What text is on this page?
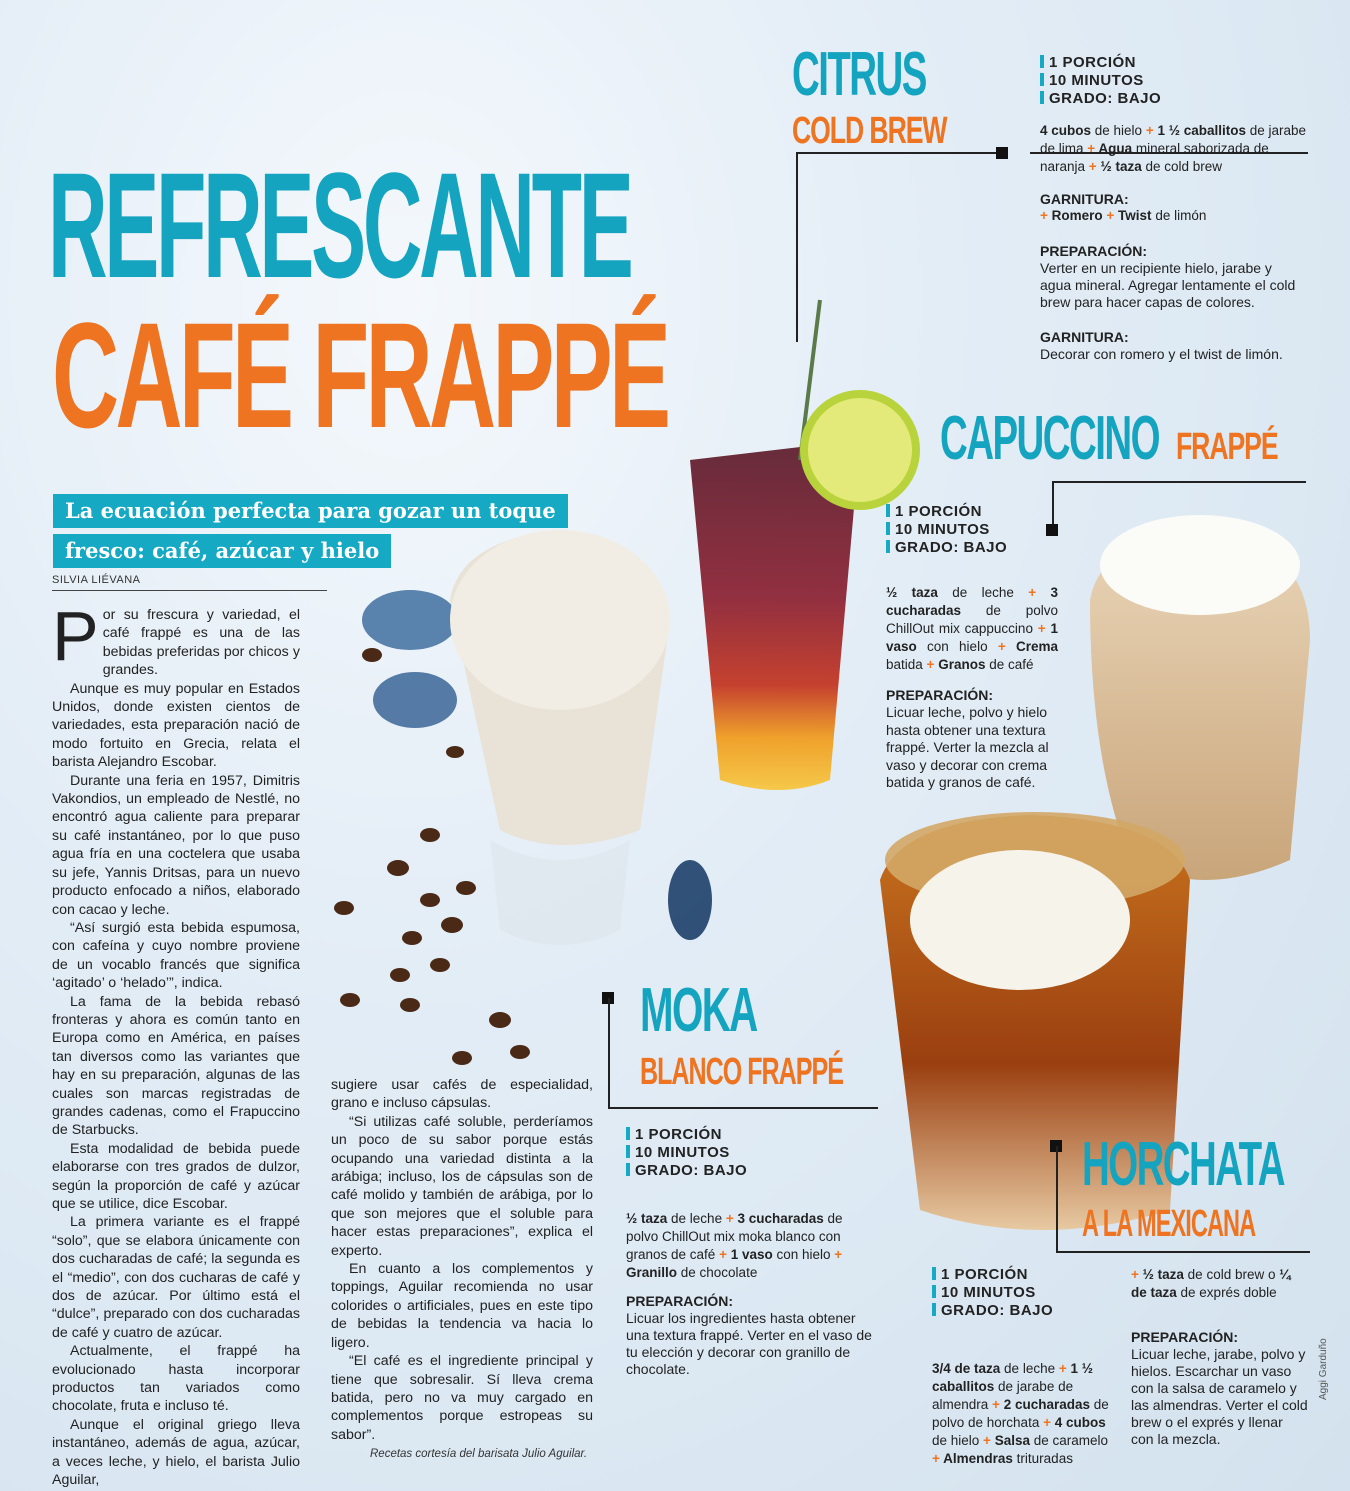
REFRESCANTE
CAFÉ FRAPPÉ
La ecuación perfecta para gozar un toque
fresco: café, azúcar y hielo
SILVIA LIÉVANA

Por su frescura y variedad, el café frappé es una de las bebidas preferidas por chicos y grandes.

Aunque es muy popular en Estados Unidos, donde existen cientos de variedades, esta preparación nació de modo fortuito en Grecia, relata el barista Alejandro Escobar.

Durante una feria en 1957, Dimitris Vakondios, un empleado de Nestlé, no encontró agua caliente para preparar su café instantáneo, por lo que puso agua fría en una coctelera que usaba su jefe, Yannis Dritsas, para un nuevo producto enfocado a niños, elaborado con cacao y leche.

“Así surgió esta bebida espumosa, con cafeína y cuyo nombre proviene de un vocablo francés que significa ‘agitado’ o ‘helado’”, indica.

La fama de la bebida rebasó fronteras y ahora es común tanto en Europa como en América, en países tan diversos como las variantes que hay en su preparación, algunas de las cuales son marcas registradas de grandes cadenas, como el Frapuccino de Starbucks.

Esta modalidad de bebida puede elaborarse con tres grados de dulzor, según la proporción de café y azúcar que se utilice, dice Escobar.

La primera variante es el frappé “solo”, que se elabora únicamente con dos cucharadas de café; la segunda es el “medio”, con dos cucharas de café y dos de azúcar. Por último está el “dulce”, preparado con dos cucharadas de café y cuatro de azúcar.

Actualmente, el frappé ha evolucionado hasta incorporar productos tan variados como chocolate, fruta e incluso té.

Aunque el original griego lleva instantáneo, además de agua, azúcar, a veces leche, y hielo, el barista Julio Aguilar,

sugiere usar cafés de especialidad, grano e incluso cápsulas.

“Si utilizas café soluble, perderíamos un poco de su sabor porque estás ocupando una variedad distinta a la arábiga; incluso, los de cápsulas son de café molido y también de arábiga, por lo que son mejores que el soluble para hacer estas preparaciones”, explica el experto.

En cuanto a los complementos y toppings, Aguilar recomienda no usar colorides o artificiales, pues en este tipo de bebidas la tendencia va hacia lo ligero.

“El café es el ingrediente principal y tiene que sobresalir. Sí lleva crema batida, pero no va muy cargado en complementos porque estropeas su sabor”.

Recetas cortesía del barisata Julio Aguilar.
CITRUS
COLD BREW
1 PORCIÓN
10 MINUTOS
GRADO: BAJO
4 cubos de hielo + 1 ½ caballitos de jarabe de lima + Agua mineral saborizada de naranja + ½ taza de cold brew
GARNITURA:
+ Romero + Twist de limón
PREPARACIÓN:
Verter en un recipiente hielo, jarabe y agua mineral. Agregar lentamente el cold brew para hacer capas de colores.
GARNITURA:
Decorar con romero y el twist de limón.
CAPUCCINO FRAPPÉ
1 PORCIÓN
10 MINUTOS
GRADO: BAJO
½ taza de leche + 3 cucharadas de polvo ChillOut mix cappuccino + 1 vaso con hielo + Crema batida + Granos de café
PREPARACIÓN:
Licuar leche, polvo y hielo hasta obtener una textura frappé. Verter la mezcla al vaso y decorar con crema batida y granos de café.
MOKA
BLANCO FRAPPÉ
1 PORCIÓN
10 MINUTOS
GRADO: BAJO
½ taza de leche + 3 cucharadas de polvo ChillOut mix moka blanco con granos de café + 1 vaso con hielo + Granillo de chocolate
PREPARACIÓN:
Licuar los ingredientes hasta obtener una textura frappé. Verter en el vaso de tu elección y decorar con granillo de chocolate.
HORCHATA
A LA MEXICANA
1 PORCIÓN
10 MINUTOS
GRADO: BAJO
3/4 de taza de leche + 1 ½ caballitos de jarabe de almendra + 2 cucharadas de polvo de horchata + 4 cubos de hielo + Salsa de caramelo + Almendras trituradas
+ ½ taza de cold brew o ¼ de taza de exprés doble
PREPARACIÓN:
Licuar leche, jarabe, polvo y hielos. Escarchar un vaso con la salsa de caramelo y las almendras. Verter el cold brew o el exprés y llenar con la mezcla.
Aggi Garduño
